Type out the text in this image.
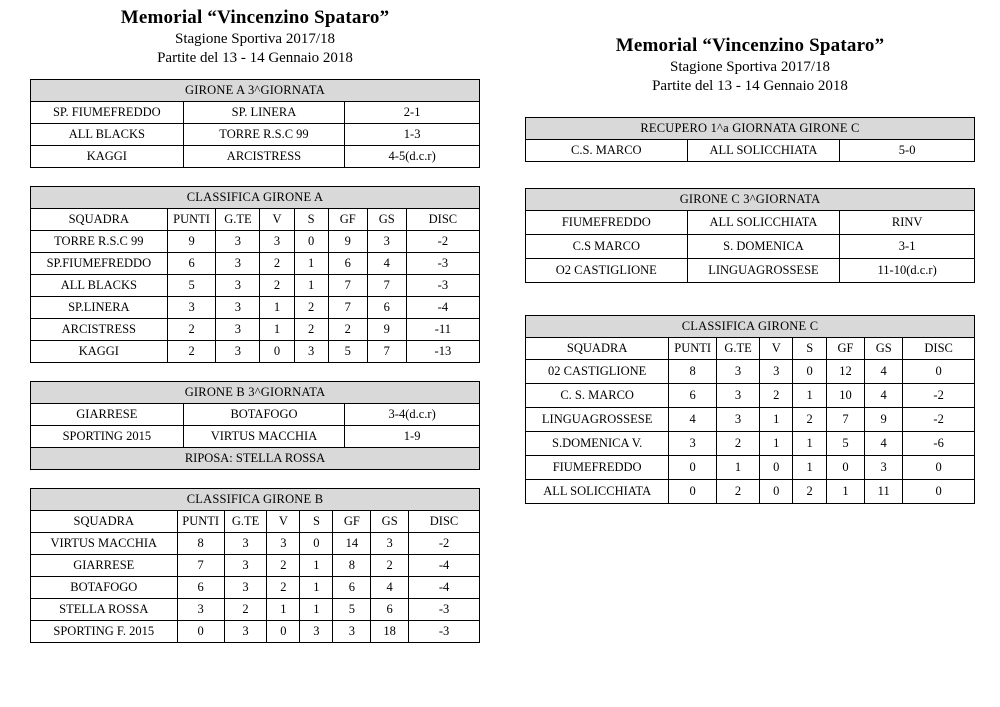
Memorial “Vincenzino Spataro”
Stagione Sportiva 2017/18
Partite del 13 - 14 Gennaio 2018
GIRONE A 3^GIORNATA		
SP. FIUMEFREDDO	SP. LINERA	2-1
ALL BLACKS	TORRE R.S.C 99	1-3
KAGGI	ARCISTRESS	4-5(d.c.r)
CLASSIFICA GIRONE A							
SQUADRA	PUNTI	G.TE	V	S	GF	GS	DISC
TORRE R.S.C 99	9	3	3	0	9	3	-2
SP.FIUMEFREDDO	6	3	2	1	6	4	-3
ALL BLACKS	5	3	2	1	7	7	-3
SP.LINERA	3	3	1	2	7	6	-4
ARCISTRESS	2	3	1	2	2	9	-11
KAGGI	2	3	0	3	5	7	-13
GIRONE B 3^GIORNATA		
GIARRESE	BOTAFOGO	3-4(d.c.r)
SPORTING 2015	VIRTUS MACCHIA	1-9
RIPOSA: STELLA ROSSA		
CLASSIFICA GIRONE B							
SQUADRA	PUNTI	G.TE	V	S	GF	GS	DISC
VIRTUS MACCHIA	8	3	3	0	14	3	-2
GIARRESE	7	3	2	1	8	2	-4
BOTAFOGO	6	3	2	1	6	4	-4
STELLA ROSSA	3	2	1	1	5	6	-3
SPORTING F. 2015	0	3	0	3	3	18	-3
Memorial “Vincenzino Spataro”
Stagione Sportiva 2017/18
Partite del 13 - 14 Gennaio 2018
RECUPERO 1^a GIORNATA GIRONE C
C.S. MARCO	ALL SOLICCHIATA	5-0
GIRONE C 3^GIORNATA		
FIUMEFREDDO	ALL SOLICCHIATA	RINV
C.S MARCO	S. DOMENICA	3-1
O2 CASTIGLIONE	LINGUAGROSSESE	11-10(d.c.r)
CLASSIFICA GIRONE C							
SQUADRA	PUNTI	G.TE	V	S	GF	GS	DISC
02 CASTIGLIONE	8	3	3	0	12	4	0
C. S. MARCO	6	3	2	1	10	4	-2
LINGUAGROSSESE	4	3	1	2	7	9	-2
S.DOMENICA V.	3	2	1	1	5	4	-6
FIUMEFREDDO	0	1	0	1	0	3	0
ALL SOLICCHIATA	0	2	0	2	1	11	0
